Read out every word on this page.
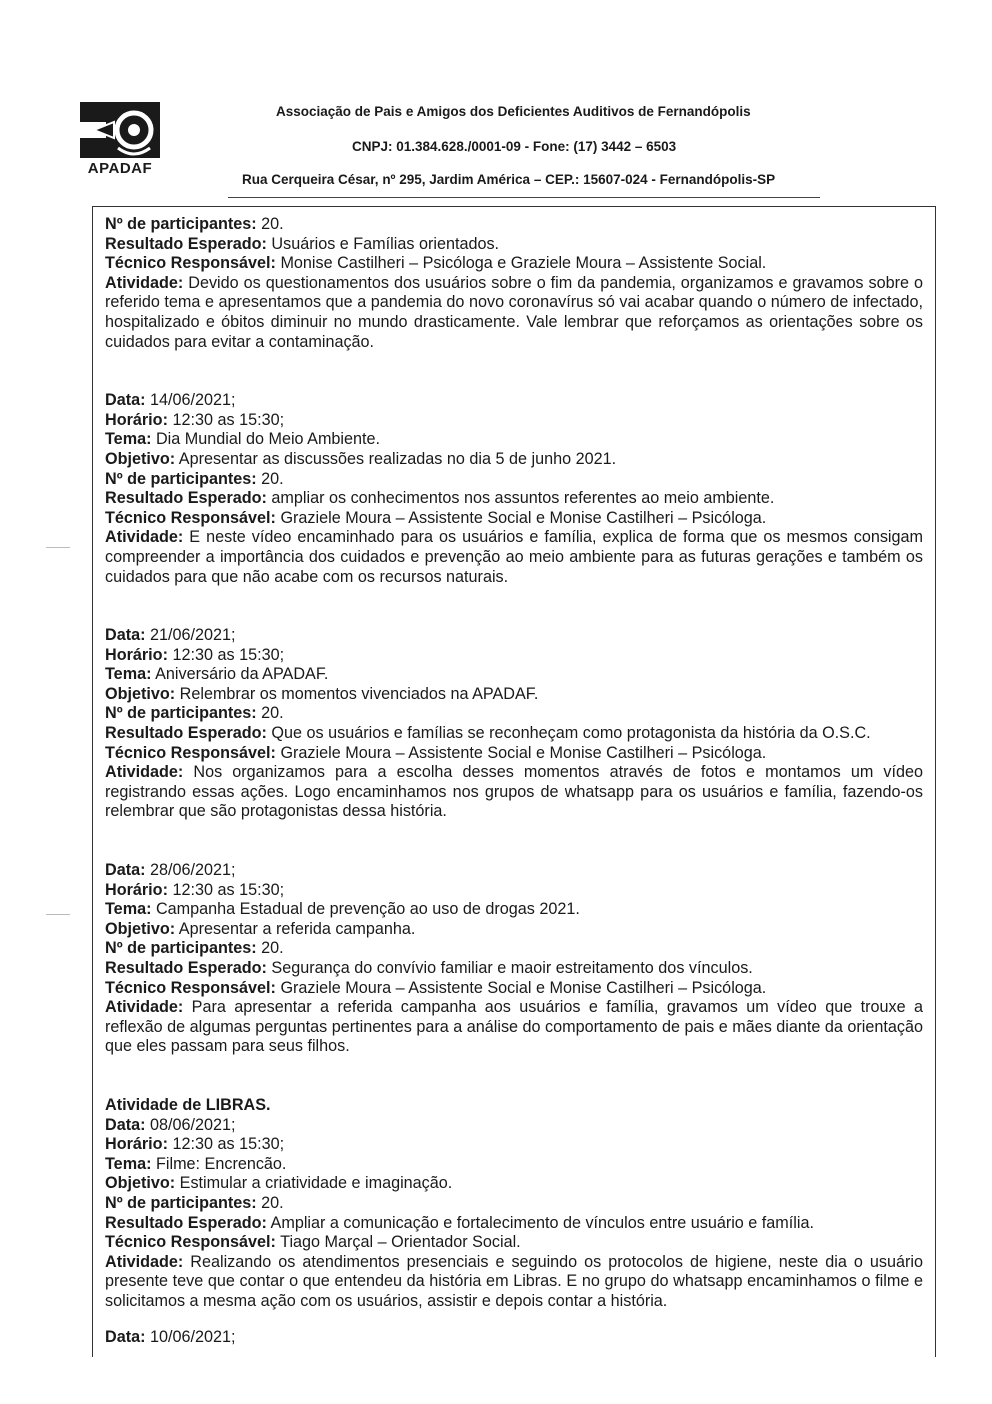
APADAF
Associação de Pais e Amigos dos Deficientes Auditivos de Fernandópolis
CNPJ: 01.384.628./0001-09 - Fone: (17) 3442 – 6503
Rua Cerqueira César, nº 295, Jardim América – CEP.: 15607-024 - Fernandópolis-SP

Nº de participantes: 20.

Resultado Esperado: Usuários e Famílias orientados.

Técnico Responsável: Monise Castilheri – Psicóloga e Graziele Moura – Assistente Social.

Atividade: Devido os questionamentos dos usuários sobre o fim da pandemia, organizamos e gravamos sobre o referido tema e apresentamos que a pandemia do novo coronavírus só vai acabar quando o número de infectado, hospitalizado e óbitos diminuir no mundo drasticamente. Vale lembrar que reforçamos as orientações sobre os cuidados para evitar a contaminação.

Data: 14/06/2021;

Horário: 12:30 as 15:30;

Tema: Dia Mundial do Meio Ambiente.

Objetivo: Apresentar as discussões realizadas no dia 5 de junho 2021.

Nº de participantes: 20.

Resultado Esperado: ampliar os conhecimentos nos assuntos referentes ao meio ambiente.

Técnico Responsável: Graziele Moura – Assistente Social e Monise Castilheri – Psicóloga.

Atividade: E neste vídeo encaminhado para os usuários e família, explica de forma que os mesmos consigam compreender a importância dos cuidados e prevenção ao meio ambiente para as futuras gerações e também os cuidados para que não acabe com os recursos naturais.

Data: 21/06/2021;

Horário: 12:30 as 15:30;

Tema: Aniversário da APADAF.

Objetivo: Relembrar os momentos vivenciados na APADAF.

Nº de participantes: 20.

Resultado Esperado: Que os usuários e famílias se reconheçam como protagonista da história da O.S.C.

Técnico Responsável: Graziele Moura – Assistente Social e Monise Castilheri – Psicóloga.

Atividade: Nos organizamos para a escolha desses momentos através de fotos e montamos um vídeo registrando essas ações. Logo encaminhamos nos grupos de whatsapp para os usuários e família, fazendo-os relembrar que são protagonistas dessa história.

Data: 28/06/2021;

Horário: 12:30 as 15:30;

Tema: Campanha Estadual de prevenção ao uso de drogas 2021.

Objetivo: Apresentar a referida campanha.

Nº de participantes: 20.

Resultado Esperado: Segurança do convívio familiar e maoir estreitamento dos vínculos.

Técnico Responsável: Graziele Moura – Assistente Social e Monise Castilheri – Psicóloga.

Atividade: Para apresentar a referida campanha aos usuários e família, gravamos um vídeo que trouxe a reflexão de algumas perguntas pertinentes para a análise do comportamento de pais e mães diante da orientação que eles passam para seus filhos.

Atividade de LIBRAS.

Data: 08/06/2021;

Horário: 12:30 as 15:30;

Tema: Filme: Encrencão.

Objetivo: Estimular a criatividade e imaginação.

Nº de participantes: 20.

Resultado Esperado: Ampliar a comunicação e fortalecimento de vínculos entre usuário e família.

Técnico Responsável: Tiago Marçal – Orientador Social.

Atividade: Realizando os atendimentos presenciais e seguindo os protocolos de higiene, neste dia o usuário presente teve que contar o que entendeu da história em Libras. E no grupo do whatsapp encaminhamos o filme e solicitamos a mesma ação com os usuários, assistir e depois contar a história.

Data: 10/06/2021;
